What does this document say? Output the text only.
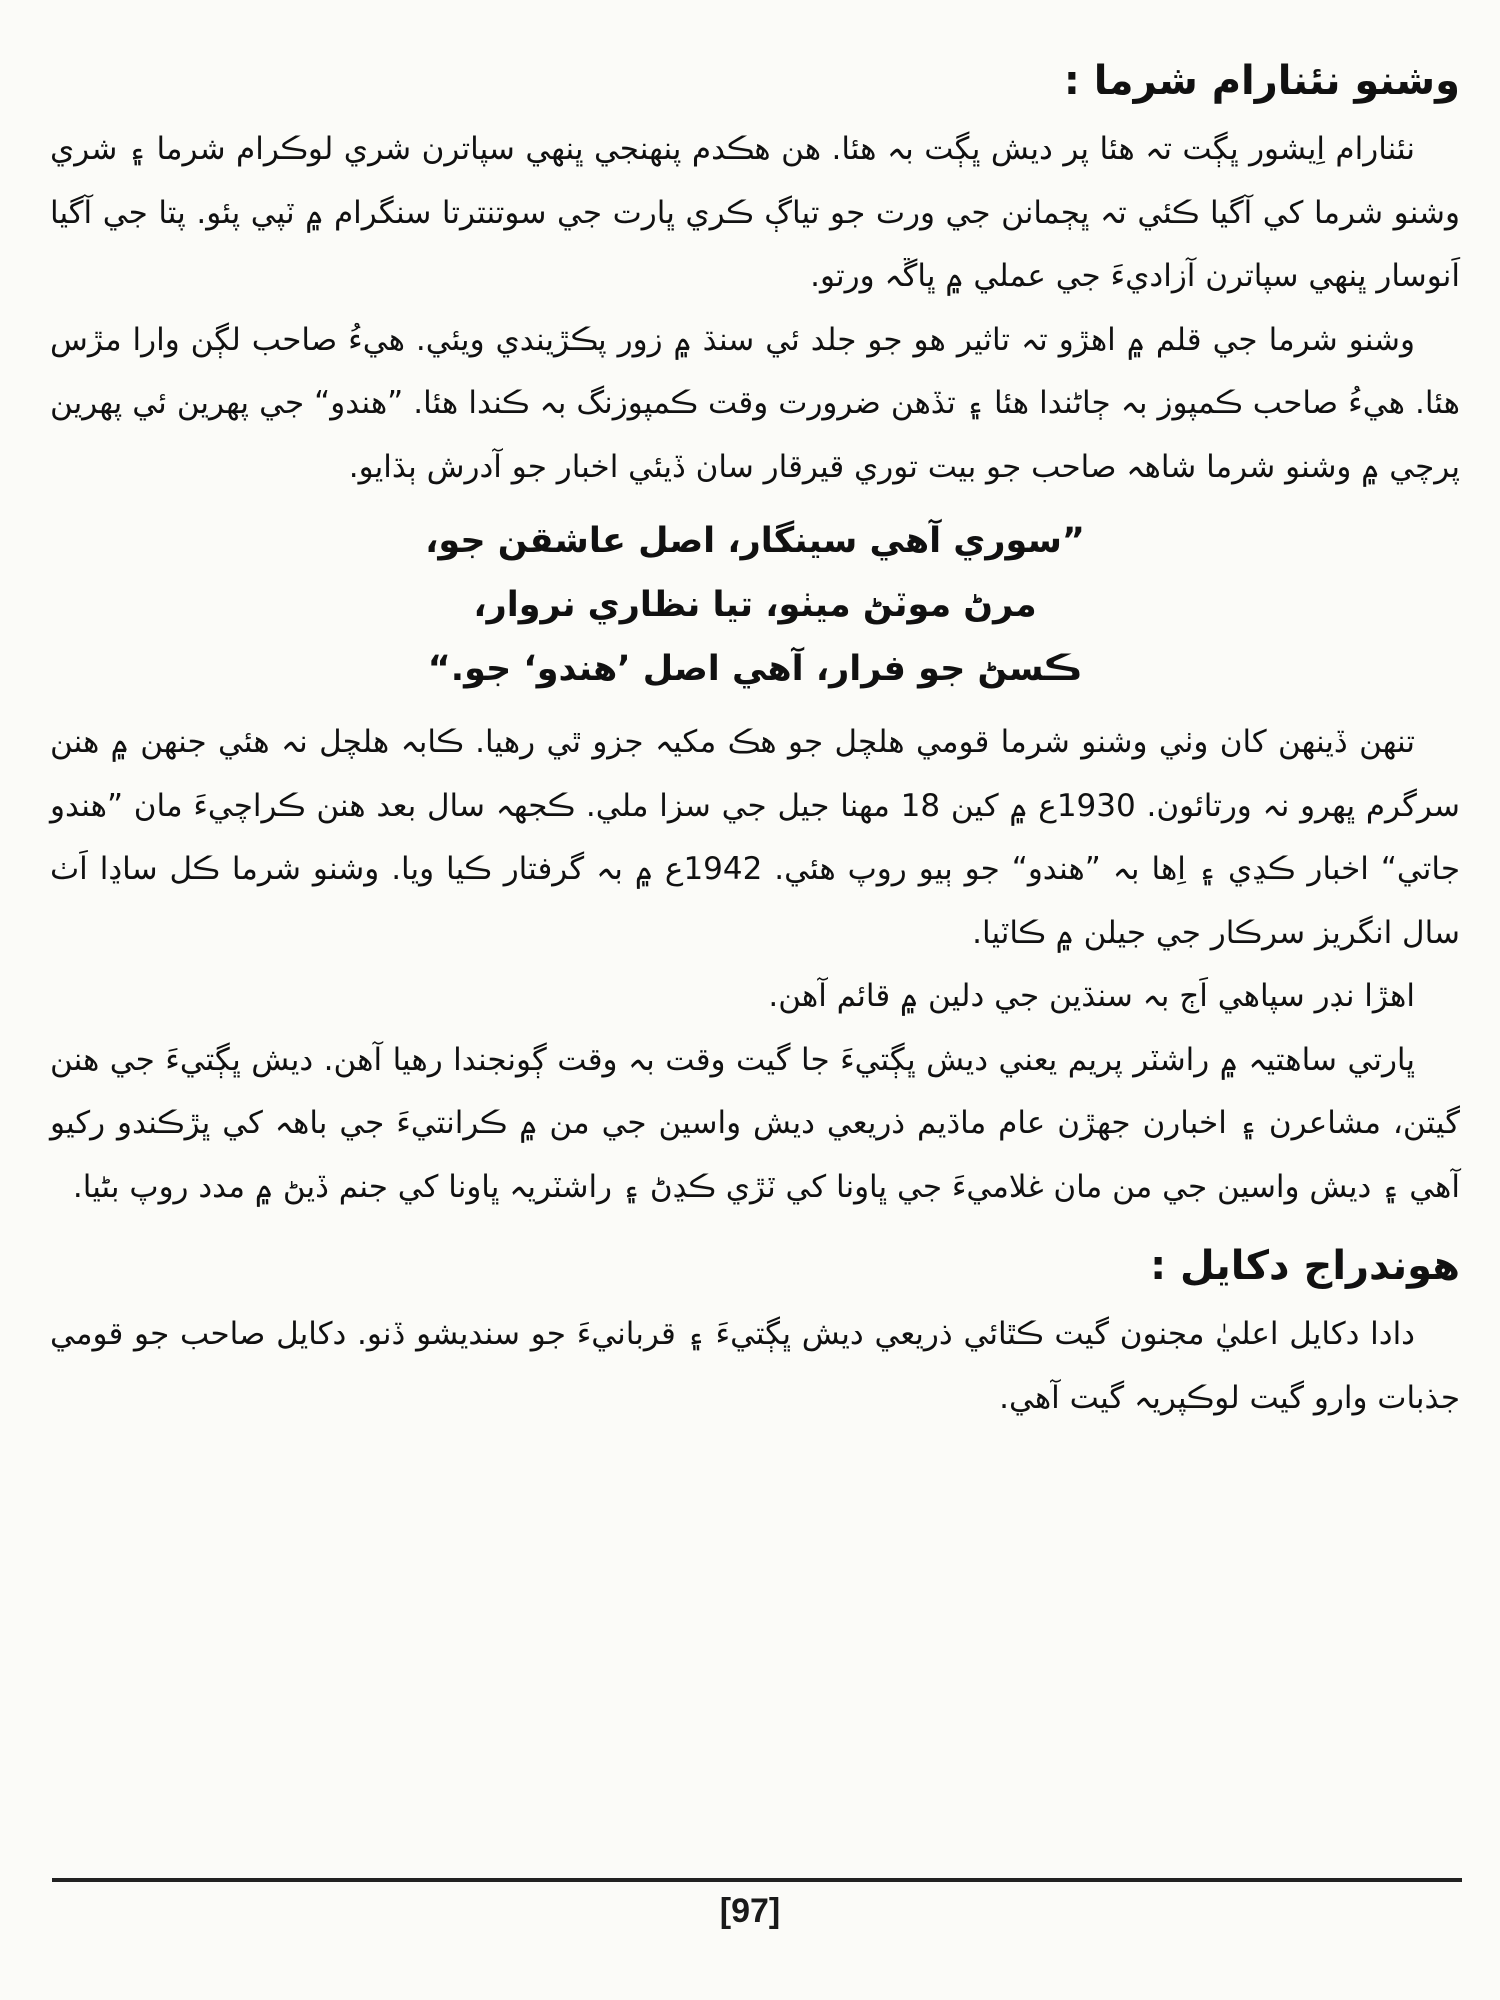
وشنو نئنارام شرما :

نئنارام اِيشور ڀڳت تہ هئا پر ديش ڀڳت بہ هئا. هن هڪدم پنهنجي ڀنهي سپاترن شري لوڪرام شرما ۽ شري وشنو شرما کي آگيا ڪئي تہ ڀڄمانن جي ورت جو تياڳ ڪري ڀارت جي سوتنترتا سنگرام ۾ ٽپي پئو. پتا جي آگيا اَنوسار ڀنهي سپاترن آزاديءَ جي عملي ۾ ڀاڱہ ورتو.

وشنو شرما جي قلم ۾ اهڙو تہ تاثير هو جو جلد ئي سنڌ ۾ زور پڪڙيندي ويئي. هيءُ صاحب لڳن وارا مڙس هئا. هيءُ صاحب ڪمپوز بہ ڄاڻندا هئا ۽ تڏهن ضرورت وقت ڪمپوزنگ بہ ڪندا هئا. ”هندو“ جي پهرين ئي پهرين پرچي ۾ وشنو شرما شاهہ صاحب جو بيت توري قيرقار سان ڏيئي اخبار جو آدرش ٻڌايو.

”سوري آهي سينگار، اصل عاشقن جو،
مرڻ موٽڻ ميٺو، تيا نظاري نروار،
ڪسڻ جو فرار، آهي اصل ’هندو‘ جو.“

تنهن ڏينهن کان وٺي وشنو شرما قومي هلچل جو هڪ مکيہ جزو ٿي رهيا. ڪابہ هلچل نہ هئي جنهن ۾ هنن سرگرم ڀهرو نہ ورتائون. 1930ع ۾ کين 18 مهنا جيل جي سزا ملي. ڪجهہ سال بعد هنن ڪراچيءَ مان ”هندو جاتي“ اخبار ڪڍي ۽ اِها بہ ”هندو“ جو ٻيو روپ هئي. 1942ع ۾ بہ گرفتار ڪيا ويا. وشنو شرما ڪل ساڍا اَٺ سال انگريز سرڪار جي جيلن ۾ ڪاٽيا.

اهڙا نڊر سپاهي اَڄ بہ سنڌين جي دلين ۾ قائم آهن.

ڀارتي ساهتيہ ۾ راشٽر پريم يعني ديش ڀڳتيءَ جا گيت وقت بہ وقت ڳونجندا رهيا آهن. ديش ڀڳتيءَ جي هنن گيتن، مشاعرن ۽ اخبارن جهڙن عام ماڌيم ذريعي ديش واسين جي من ۾ ڪرانتيءَ جي باهہ کي ڀڙڪندو رکيو آهي ۽ ديش واسين جي من مان غلاميءَ جي ڀاونا کي ٽڙي ڪڍڻ ۽ راشٽريہ ڀاونا کي جنم ڏيڻ ۾ مدد روپ بڻيا.

هوندراج دکايل :

دادا دکايل اعليٰ مجنون گيت ڪٿائي ذريعي ديش ڀڳتيءَ ۽ قربانيءَ جو سنديشو ڏنو. دکايل صاحب جو قومي جذبات وارو گيت لوڪپريہ گيت آهي.

[97]
